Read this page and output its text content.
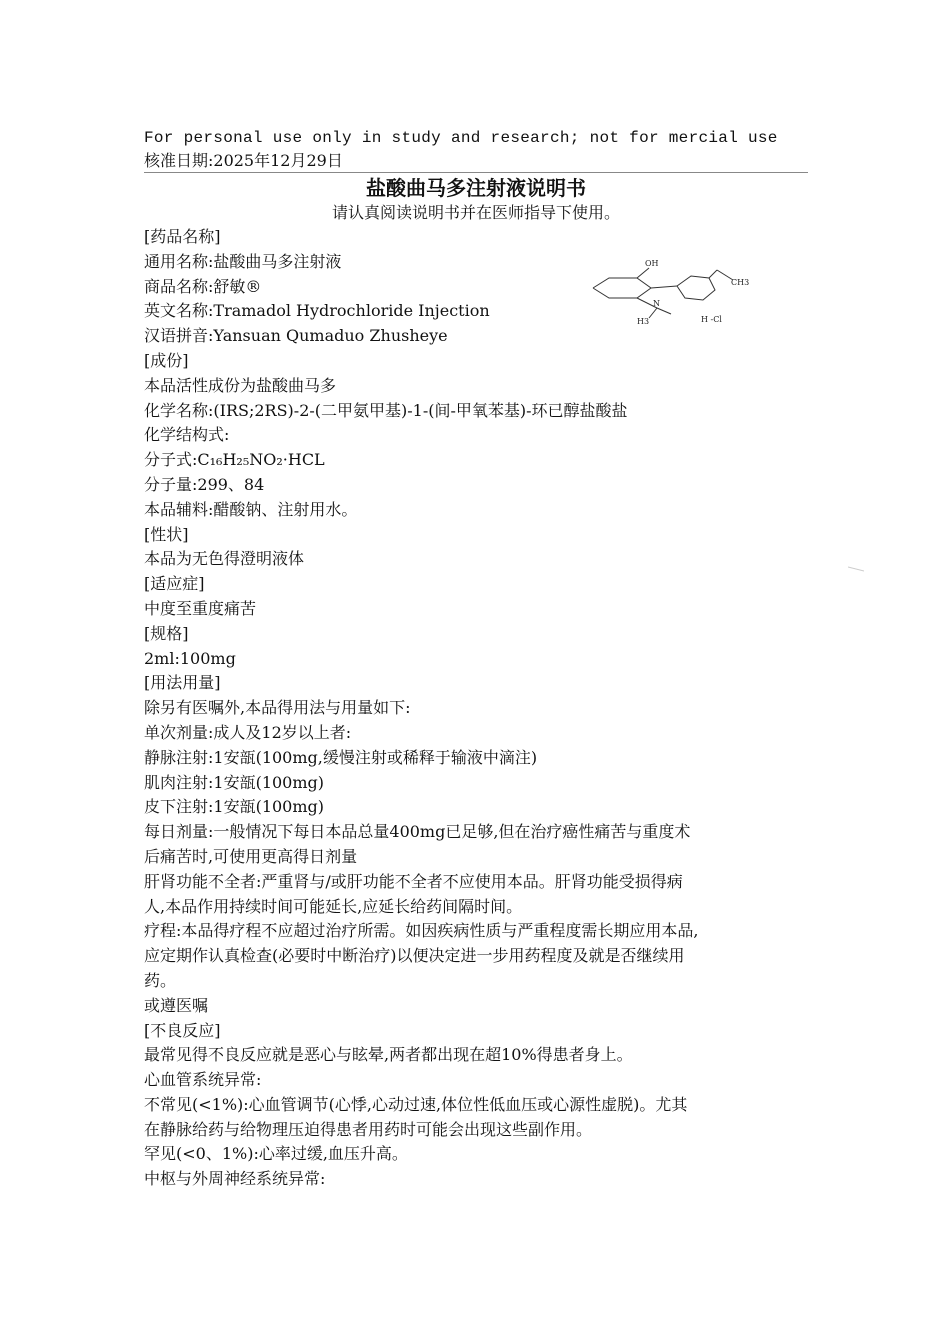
For personal use only in study and research; not for mercial use
核准日期:2025年12月29日
盐酸曲马多注射液说明书
请认真阅读说明书并在医师指导下使用。
[药品名称]
通用名称:盐酸曲马多注射液
商品名称:舒敏®
英文名称:Tramadol Hydrochloride Injection
汉语拼音:Yansuan Qumaduo Zhusheye
[成份]
本品活性成份为盐酸曲马多
化学名称:(IRS;2RS)-2-(二甲氨甲基)-1-(间-甲氧苯基)-环已醇盐酸盐
化学结构式:
分子式:C₁₆H₂₅NO₂·HCL
分子量:299、84
本品辅料:醋酸钠、注射用水。
[性状]
本品为无色得澄明液体
[适应症]
中度至重度痛苦
[规格]
2ml:100mg
[用法用量]
除另有医嘱外,本品得用法与用量如下:
单次剂量:成人及12岁以上者:
静脉注射:1安瓿(100mg,缓慢注射或稀释于输液中滴注)
肌肉注射:1安瓿(100mg)
皮下注射:1安瓿(100mg)
每日剂量:一般情况下每日本品总量400mg已足够,但在治疗癌性痛苦与重度术
后痛苦时,可使用更高得日剂量
肝肾功能不全者:严重肾与/或肝功能不全者不应使用本品。肝肾功能受损得病
人,本品作用持续时间可能延长,应延长给药间隔时间。
疗程:本品得疗程不应超过治疗所需。如因疾病性质与严重程度需长期应用本品,
应定期作认真检查(必要时中断治疗)以便决定进一步用药程度及就是否继续用
药。
或遵医嘱
[不良反应]
最常见得不良反应就是恶心与眩晕,两者都出现在超10%得患者身上。
心血管系统异常:
不常见(<1%):心血管调节(心悸,心动过速,体位性低血压或心源性虚脱)。尤其
在静脉给药与给物理压迫得患者用药时可能会出现这些副作用。
罕见(<0、1%):心率过缓,血压升高。
中枢与外周神经系统异常:
OH
CH3
N
H3	H -Cl
